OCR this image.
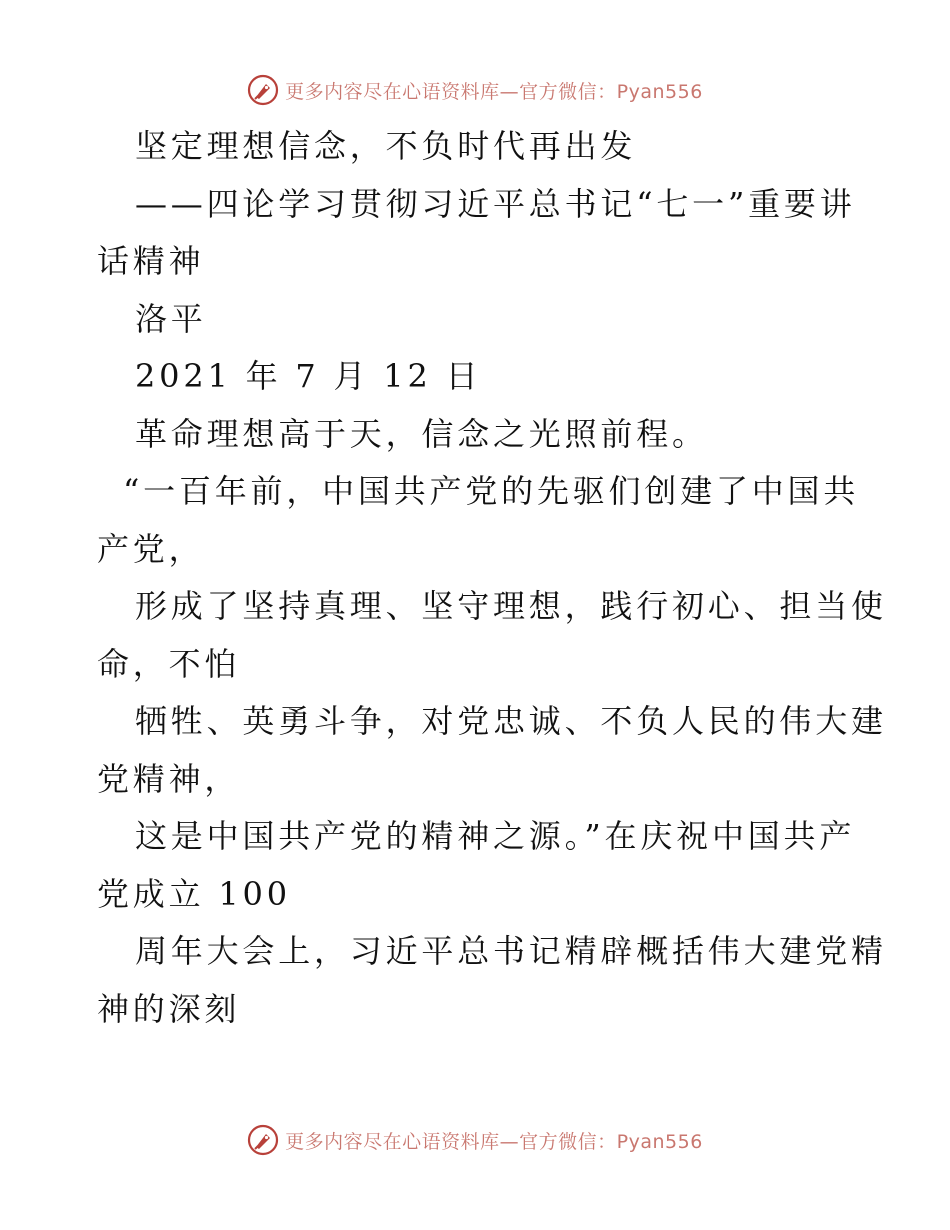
更多内容尽在心语资料库—官方微信：Pyan556
坚定理想信念，不负时代再出发
——四论学习贯彻习近平总书记“七一”重要讲
话精神
洛平
2021 年 7 月 12 日
革命理想高于天，信念之光照前程。
“一百年前，中国共产党的先驱们创建了中国共
产党，
形成了坚持真理、坚守理想，践行初心、担当使
命，不怕
牺牲、英勇斗争，对党忠诚、不负人民的伟大建
党精神，
这是中国共产党的精神之源。”在庆祝中国共产
党成立 100
周年大会上，习近平总书记精辟概括伟大建党精
神的深刻
更多内容尽在心语资料库—官方微信：Pyan556
